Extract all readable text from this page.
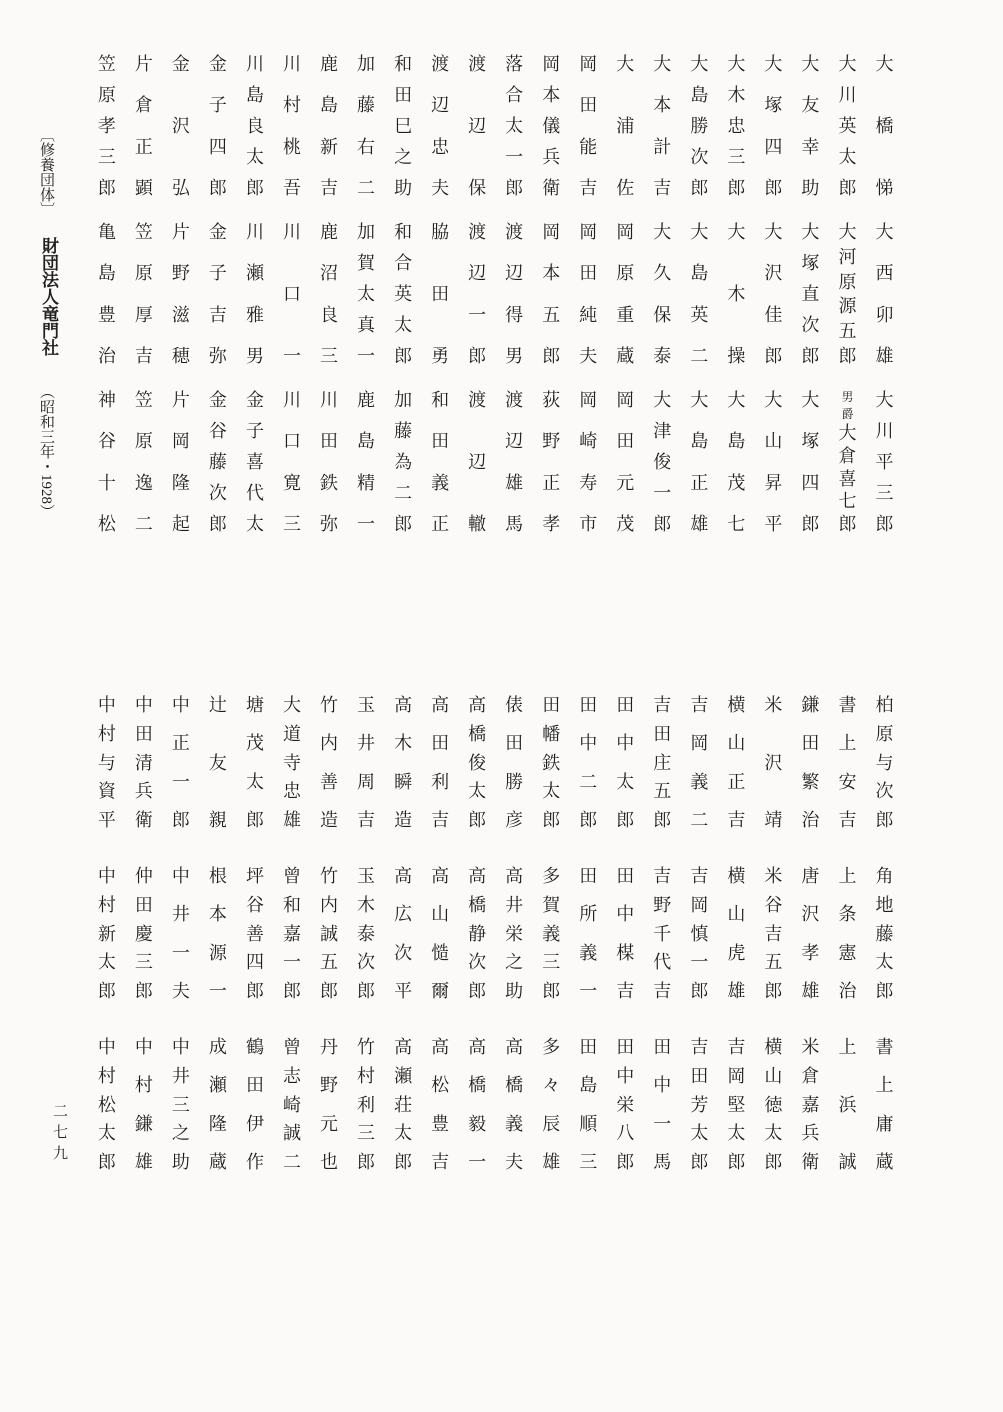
〔修養団体〕
財団法人竜門社
（昭和三年・1928）
大
橋
悌
大
西
卯
雄
大
川
平
三
郎
大
川
英
太
郎
大
河
原
源
五
郎
男
爵
大
倉
喜
七
郎
大
友
幸
助
大
塚
直
次
郎
大
塚
四
郎
大
塚
四
郎
大
沢
佳
郎
大
山
昇
平
大
木
忠
三
郎
大
木
操
大
島
茂
七
大
島
勝
次
郎
大
島
英
二
大
島
正
雄
大
本
計
吉
大
久
保
泰
大
津
俊
一
郎
大
浦
佐
岡
原
重
蔵
岡
田
元
茂
岡
田
能
吉
岡
田
純
夫
岡
崎
寿
市
岡
本
儀
兵
衛
岡
本
五
郎
荻
野
正
孝
落
合
太
一
郎
渡
辺
得
男
渡
辺
雄
馬
渡
辺
保
渡
辺
一
郎
渡
辺
轍
渡
辺
忠
夫
脇
田
勇
和
田
義
正
和
田
巳
之
助
和
合
英
太
郎
加
藤
為
二
郎
加
藤
右
二
加
賀
太
真
一
鹿
島
精
一
鹿
島
新
吉
鹿
沼
良
三
川
田
鉄
弥
川
村
桃
吾
川
口
一
川
口
寛
三
川
島
良
太
郎
川
瀬
雅
男
金
子
喜
代
太
金
子
四
郎
金
子
吉
弥
金
谷
藤
次
郎
金
沢
弘
片
野
滋
穂
片
岡
隆
起
片
倉
正
顕
笠
原
厚
吉
笠
原
逸
二
笠
原
孝
三
郎
亀
島
豊
治
神
谷
十
松
柏
原
与
次
郎
角
地
藤
太
郎
書
上
庸
蔵
書
上
安
吉
上
条
憲
治
上
浜
誠
鎌
田
繁
治
唐
沢
孝
雄
米
倉
嘉
兵
衛
米
沢
靖
米
谷
吉
五
郎
横
山
徳
太
郎
横
山
正
吉
横
山
虎
雄
吉
岡
堅
太
郎
吉
岡
義
二
吉
岡
慎
一
郎
吉
田
芳
太
郎
吉
田
庄
五
郎
吉
野
千
代
吉
田
中
一
馬
田
中
太
郎
田
中
楳
吉
田
中
栄
八
郎
田
中
二
郎
田
所
義
一
田
島
順
三
田
幡
鉄
太
郎
多
賀
義
三
郎
多
々
辰
雄
俵
田
勝
彦
高
井
栄
之
助
高
橋
義
夫
高
橋
俊
太
郎
高
橋
静
次
郎
高
橋
毅
一
高
田
利
吉
高
山
慥
爾
高
松
豊
吉
高
木
瞬
造
高
広
次
平
高
瀬
荘
太
郎
玉
井
周
吉
玉
木
泰
次
郎
竹
村
利
三
郎
竹
内
善
造
竹
内
誠
五
郎
丹
野
元
也
大
道
寺
忠
雄
曾
和
嘉
一
郎
曾
志
崎
誠
二
塘
茂
太
郎
坪
谷
善
四
郎
鶴
田
伊
作
辻
友
親
根
本
源
一
成
瀬
隆
蔵
中
正
一
郎
中
井
一
夫
中
井
三
之
助
中
田
清
兵
衛
仲
田
慶
三
郎
中
村
鎌
雄
中
村
与
資
平
中
村
新
太
郎
中
村
松
太
郎
二七九
